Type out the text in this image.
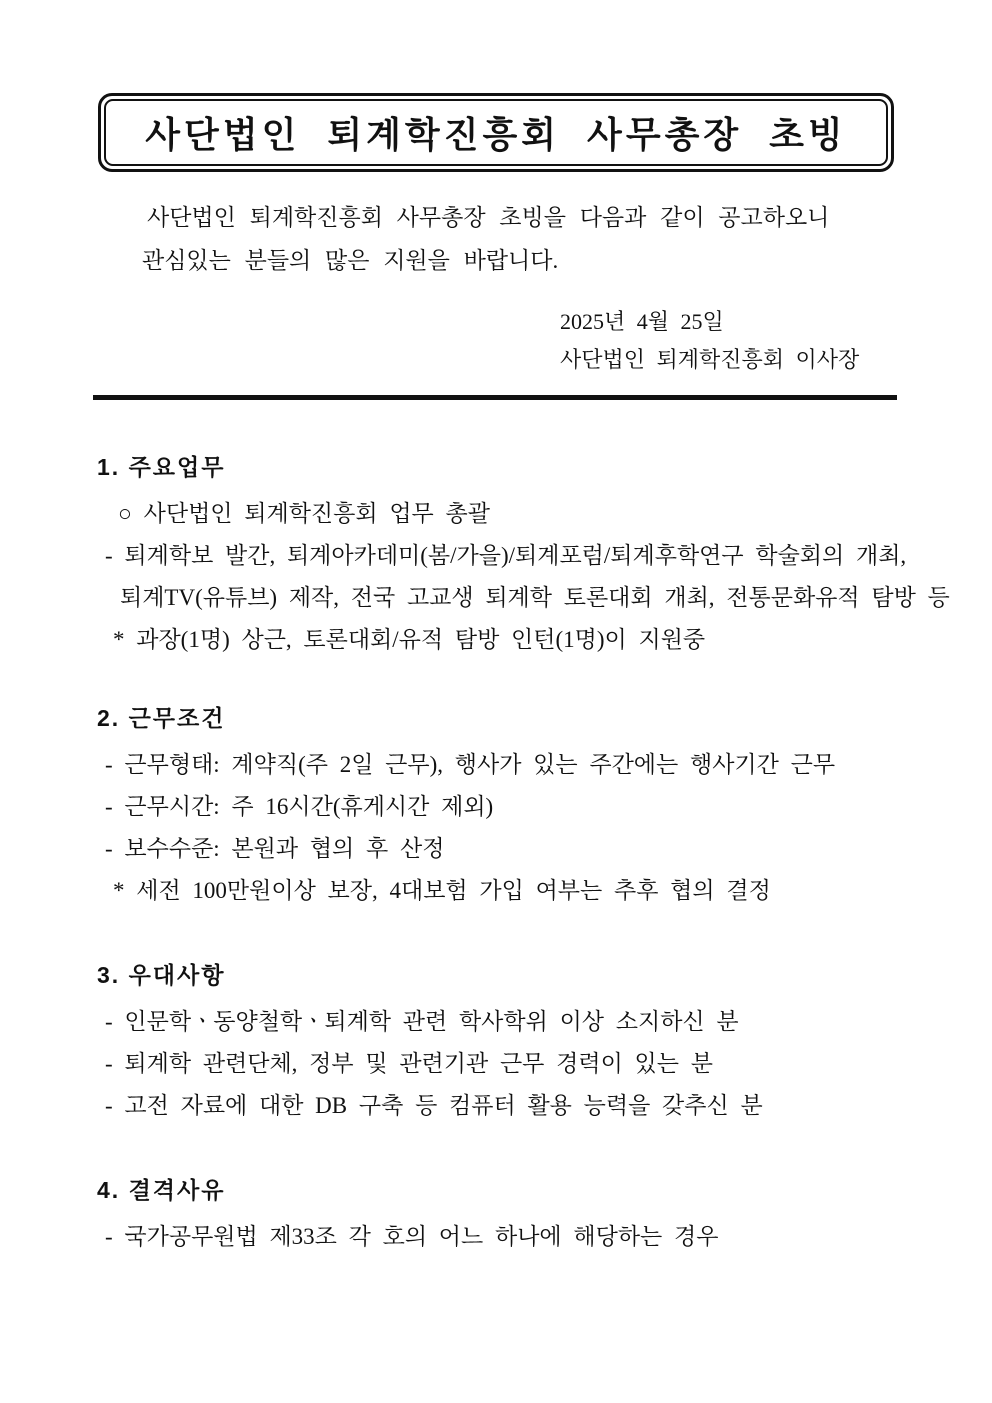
사단법인 퇴계학진흥회 사무총장 초빙
사단법인 퇴계학진흥회 사무총장 초빙을 다음과 같이 공고하오니
관심있는 분들의 많은 지원을 바랍니다.
2025년 4월 25일
사단법인 퇴계학진흥회 이사장
1. 주요업무
○ 사단법인 퇴계학진흥회 업무 총괄
- 퇴계학보 발간, 퇴계아카데미(봄/가을)/퇴계포럼/퇴계후학연구 학술회의 개최,
퇴계TV(유튜브) 제작, 전국 고교생 퇴계학 토론대회 개최, 전통문화유적 탐방 등
* 과장(1명) 상근, 토론대회/유적 탐방 인턴(1명)이 지원중
2. 근무조건
- 근무형태: 계약직(주 2일 근무), 행사가 있는 주간에는 행사기간 근무
- 근무시간: 주 16시간(휴게시간 제외)
- 보수수준: 본원과 협의 후 산정
* 세전 100만원이상 보장, 4대보험 가입 여부는 추후 협의 결정
3. 우대사항
- 인문학ㆍ동양철학ㆍ퇴계학 관련 학사학위 이상 소지하신 분
- 퇴계학 관련단체, 정부 및 관련기관 근무 경력이 있는 분
- 고전 자료에 대한 DB 구축 등 컴퓨터 활용 능력을 갖추신 분
4. 결격사유
- 국가공무원법 제33조 각 호의 어느 하나에 해당하는 경우
